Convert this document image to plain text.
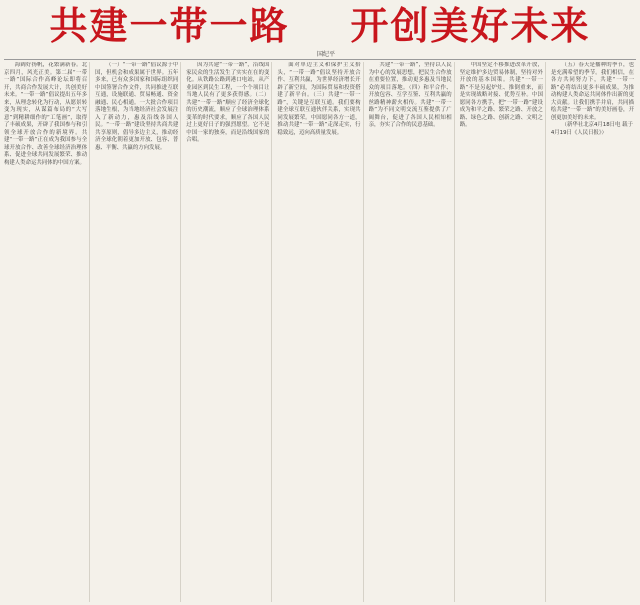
共建一带一路    开创美好未来
国纪平

海阔好扬帆，花繁满新春。北京四月，风光正美。第二届“一带一路”国际合作高峰论坛即将召开，共商合作发展大计，共创美好未来。“一带一路”倡议提出五年多来，从理念转化为行动，从愿景转变为现实，从谋篇布局的“大写意”到精耕细作的“工笔画”，取得了丰硕成果，开辟了我国参与和引领全球开放合作的新境界。共建“一带一路”正在成为我国参与全球开放合作、改善全球经济治理体系、促进全球共同发展繁荣、推动构建人类命运共同体的中国方案。

（一）“一带一路”倡议源于中国，但机会和成果属于世界。五年多来，已有众多国家和国际组织同中国签署合作文件，共同推进互联互通，设施联通、贸易畅通、资金融通、民心相通。一大批合作项目落地生根，为当地经济社会发展注入了新动力，惠及沿线各国人民。“一带一路”建设坚持共商共建共享原则，倡导多边主义，推动经济全球化朝着更加开放、包容、普惠、平衡、共赢的方向发展。

因为共建“一带一路”，沿线国家民众的生活发生了实实在在的变化。从铁路公路到港口电站，从产业园区到民生工程，一个个项目让当地人民有了更多获得感。（二）共建“一带一路”顺应了经济全球化的历史潮流，顺应了全球治理体系变革的时代要求，顺应了各国人民过上更好日子的强烈愿望。它不是中国一家的独奏，而是沿线国家的合唱。

面对单边主义和保护主义抬头，“一带一路”倡议坚持开放合作、互利共赢，为世界经济增长开辟了新空间，为国际贸易和投资搭建了新平台。（三）共建“一带一路”，关键是互联互通。我们要构建全球互联互通伙伴关系，实现共同发展繁荣。中国愿同各方一道，推动共建“一带一路”走深走实，行稳致远，迈向高质量发展。

共建“一带一路”，坚持以人民为中心的发展思想，把民生合作放在重要位置，推动更多惠及当地民众的项目落地。（四）和平合作、开放包容、互学互鉴、互利共赢的丝路精神薪火相传。共建“一带一路”为不同文明交流互鉴提供了广阔舞台，促进了各国人民相知相亲，夯实了合作的民意基础。

中国坚定不移推进改革开放，坚定维护多边贸易体制，坚持对外开放的基本国策。共建“一带一路”不是另起炉灶、推倒重来，而是实现战略对接、优势互补。中国愿同各方携手，把“一带一路”建设成为和平之路、繁荣之路、开放之路、绿色之路、创新之路、文明之路。

（五）春天是播种的季节，也是充满希望的季节。我们相信，在各方共同努力下，共建“一带一路”必将结出更多丰硕成果，为推动构建人类命运共同体作出新的更大贡献。让我们携手并肩，共同描绘共建“一带一路”的美好画卷，开创更加美好的未来。

（新华社北京4月18日电 载于4月19日《人民日报》）
